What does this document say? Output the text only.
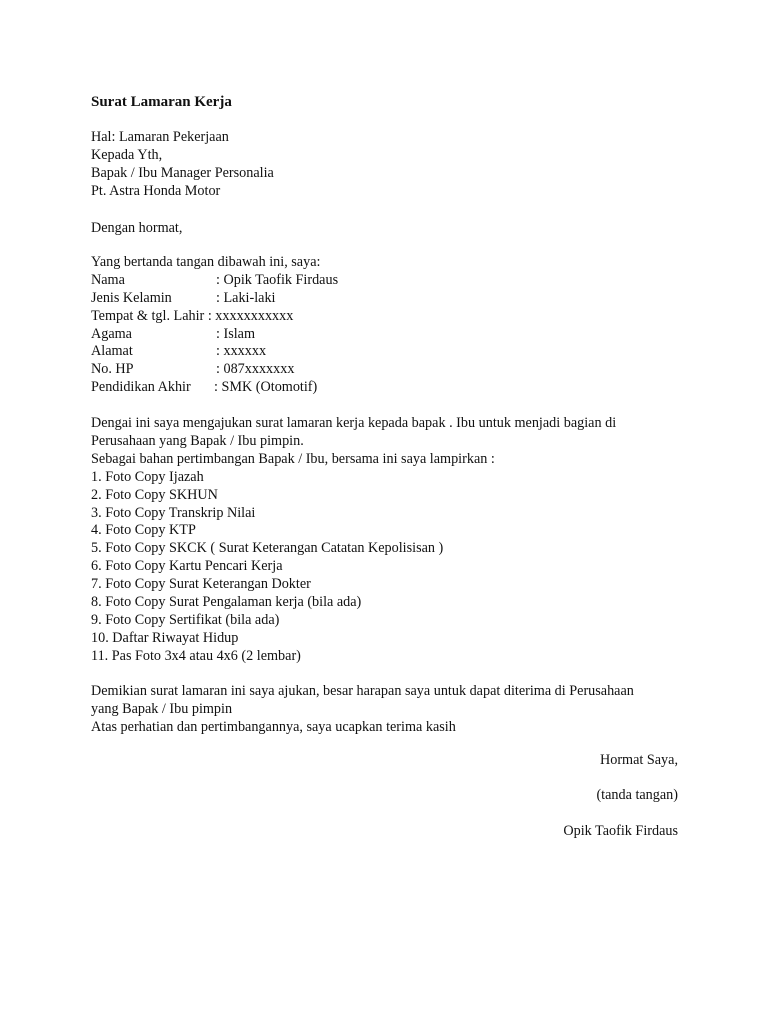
Surat Lamaran Kerja

Hal: Lamaran Pekerjaan

Kepada Yth,

Bapak / Ibu Manager Personalia

Pt. Astra Honda Motor

Dengan hormat,

Yang bertanda tangan dibawah ini, saya:

Nama	: Opik Taofik Firdaus
Jenis Kelamin	: Laki-laki
Tempat & tgl. Lahir : xxxxxxxxxxx
Agama	: Islam
Alamat	: xxxxxx
No. HP	: 087xxxxxxx
Pendidikan Akhir	: SMK (Otomotif)

Dengai ini saya mengajukan surat lamaran kerja kepada bapak . Ibu untuk menjadi bagian di

Perusahaan yang Bapak / Ibu pimpin.

Sebagai bahan pertimbangan Bapak / Ibu, bersama ini saya lampirkan :

1. Foto Copy Ijazah

2. Foto Copy SKHUN

3. Foto Copy Transkrip Nilai

4. Foto Copy KTP

5. Foto Copy SKCK ( Surat Keterangan Catatan Kepolisisan )

6. Foto Copy Kartu Pencari Kerja

7. Foto Copy Surat Keterangan Dokter

8. Foto Copy Surat Pengalaman kerja (bila ada)

9. Foto Copy Sertifikat (bila ada)

10. Daftar Riwayat Hidup

11. Pas Foto 3x4 atau 4x6 (2 lembar)

Demikian surat lamaran ini saya ajukan, besar harapan saya untuk dapat diterima di Perusahaan

yang Bapak / Ibu pimpin

Atas perhatian dan pertimbangannya, saya ucapkan terima kasih

Hormat Saya,

(tanda tangan)

Opik Taofik Firdaus
